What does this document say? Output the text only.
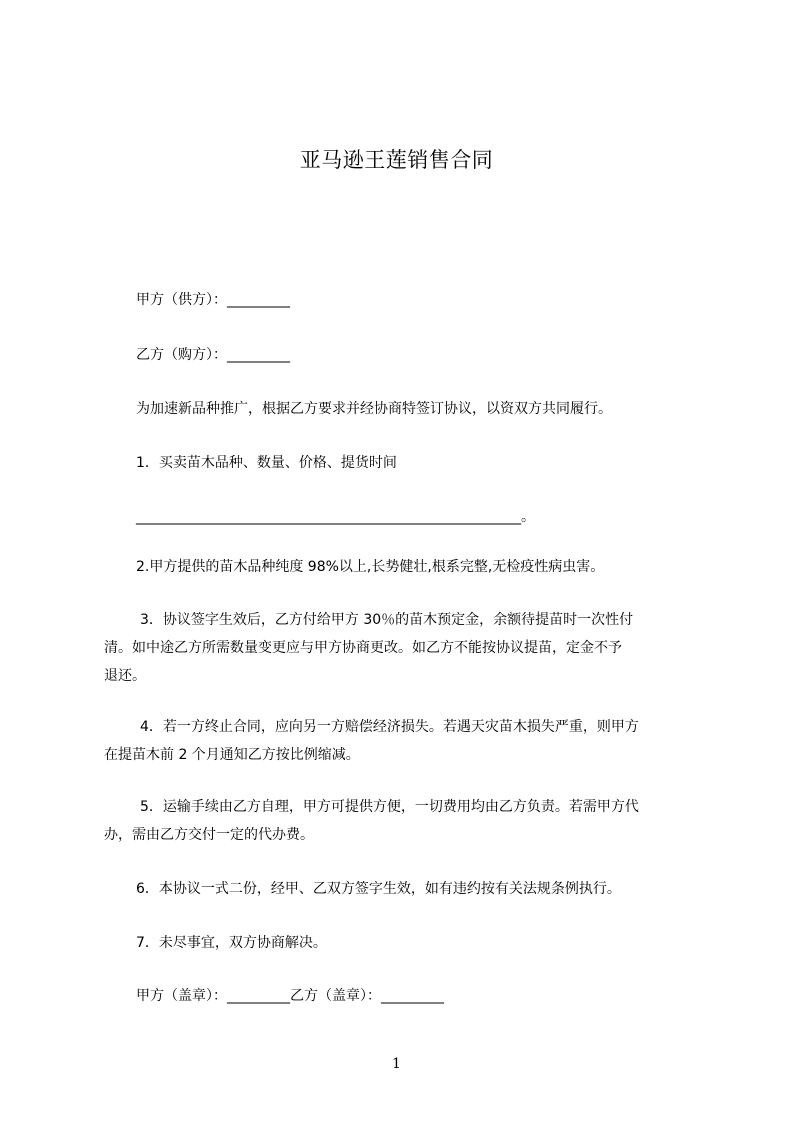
亚马逊王莲销售合同
甲方（供方）：_________
乙方（购方）：_________
为加速新品种推广，根据乙方要求并经协商特签订协议，以资双方共同履行。
1．买卖苗木品种、数量、价格、提货时间
_______________________________________________________。
2.甲方提供的苗木品种纯度 98%以上,长势健壮,根系完整,无检疫性病虫害。
3．协议签字生效后，乙方付给甲方 30％的苗木预定金，余额待提苗时一次性付
清。如中途乙方所需数量变更应与甲方协商更改。如乙方不能按协议提苗，定金不予
退还。
4．若一方终止合同，应向另一方赔偿经济损失。若遇天灾苗木损失严重，则甲方
在提苗木前 2 个月通知乙方按比例缩减。
5．运输手续由乙方自理，甲方可提供方便，一切费用均由乙方负责。若需甲方代
办，需由乙方交付一定的代办费。
6．本协议一式二份，经甲、乙双方签字生效，如有违约按有关法规条例执行。
7．未尽事宜，双方协商解决。
甲方（盖章）：_________乙方（盖章）：_________
1
